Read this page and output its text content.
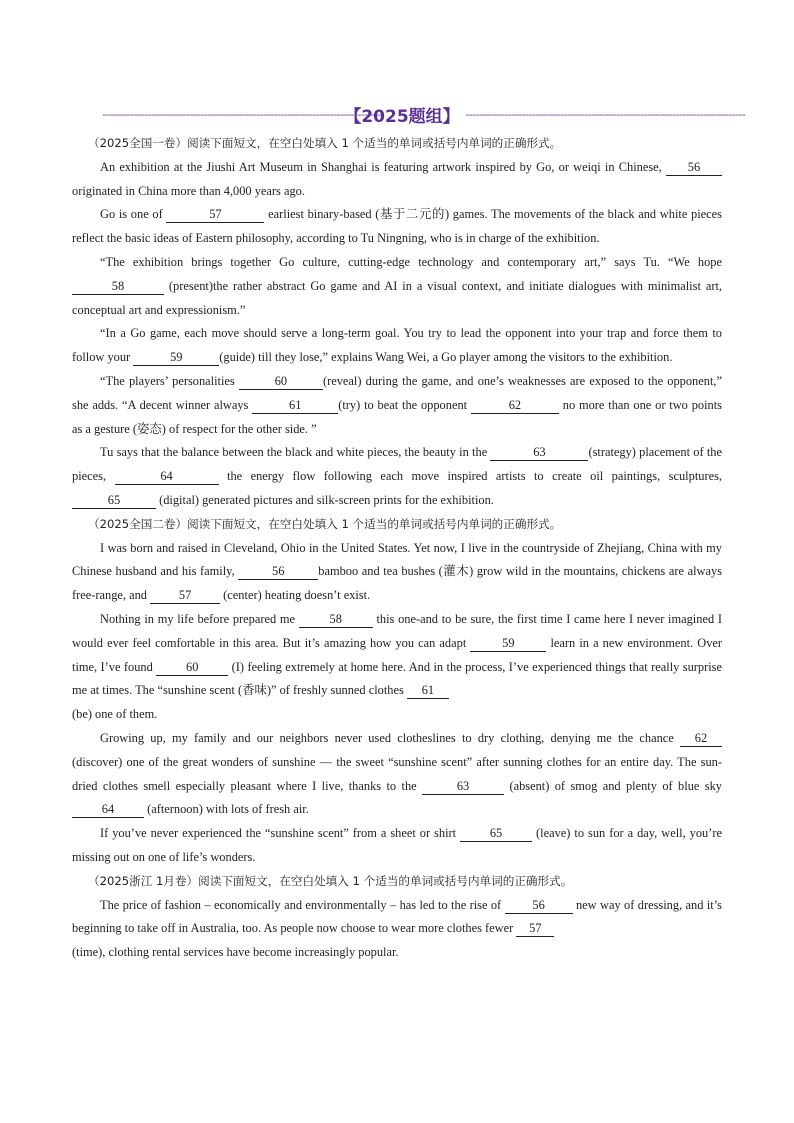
--------------------------------------------------------------------------------
【2025题组】 --------------------------------------------------------------------------------

（2025全国一卷）阅读下面短文，在空白处填入 1 个适当的单词或括号内单词的正确形式。

An exhibition at the Jiushi Art Museum in Shanghai is featuring artwork inspired by Go, or weiqi in Chinese, 56 originated in China more than 4,000 years ago.

Go is one of	57	earliest binary-based (基于二元的) games. The movements of the black and white pieces reflect the basic ideas of Eastern philosophy, according to Tu Ningning, who is in charge of the exhibition.

“The exhibition brings together Go culture, cutting-edge technology and contemporary art,” says Tu. “We hope 58	(present)the rather abstract Go game and AI in a visual context, and initiate dialogues with minimalist art, conceptual art and expressionism.”

“In a Go game, each move should serve a long-term goal. You try to lead the opponent into your trap and force them to follow your	59	(guide) till they lose,” explains Wang Wei, a Go player among the visitors to the exhibition.

“The players’ personalities	60	(reveal) during the game, and one’s weaknesses are exposed to the opponent,” she adds. “A decent winner always	61	(try) to beat the opponent	62	no more than one or two points as a gesture (姿态) of respect for the other side. ”

Tu says that the balance between the black and white pieces, the beauty in the	63	(strategy) placement of the pieces,	64	the energy flow following each move inspired artists to create oil paintings, sculptures, 65	(digital) generated pictures and silk-screen prints for the exhibition.

（2025全国二卷）阅读下面短文，在空白处填入 1 个适当的单词或括号内单词的正确形式。

I was born and raised in Cleveland, Ohio in the United States. Yet now, I live in the countryside of Zhejiang, China with my Chinese husband and his family,	56	bamboo and tea bushes (灌木) grow wild in the mountains, chickens are always free-range, and 57 (center) heating doesn’t exist.

Nothing in my life before prepared me 58 this one-and to be sure, the first time I came here I never imagined I would ever feel comfortable in this area. But it’s amazing how you can adapt	59	learn in a new environment. Over time, I’ve found 60 (I) feeling extremely at home here. And in the process, I’ve experienced things that really surprise me at times. The “sunshine scent (香味)” of freshly sunned clothes 61

(be) one of them.

Growing up, my family and our neighbors never used clotheslines to dry clothing, denying me the chance 62 (discover) one of the great wonders of sunshine — the sweet “sunshine scent” after sunning clothes for an entire day. The sun-dried clothes smell especially pleasant where I live, thanks to the	63	(absent) of smog and plenty of blue sky 64 (afternoon) with lots of fresh air.

If you’ve never experienced the “sunshine scent” from a sheet or shirt 65 (leave) to sun for a day, well, you’re missing out on one of life’s wonders.

（2025浙江 1月卷）阅读下面短文，在空白处填入 1 个适当的单词或括号内单词的正确形式。

The price of fashion – economically and environmentally – has led to the rise of 56 new way of dressing, and it’s beginning to take off in Australia, too. As people now choose to wear more clothes fewer 57

(time), clothing rental services have become increasingly popular.
